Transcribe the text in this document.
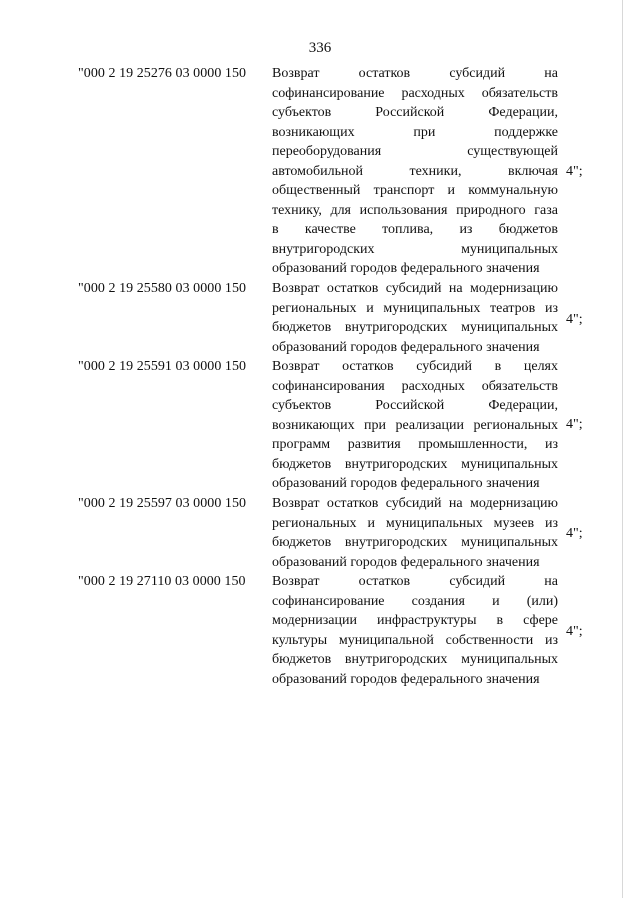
336
"000 2 19 25276 03 0000 150 Возврат остатков субсидий на
софинансирование расходных обязательств
субъектов Российской Федерации,
возникающих при поддержке
переоборудования существующей
автомобильной техники, включая
общественный транспорт и коммунальную
технику, для использования природного газа
в качестве топлива, из бюджетов
внутригородских муниципальных
образований городов федерального значения
4";
"000 2 19 25580 03 0000 150 Возврат остатков субсидий на модернизацию
региональных и муниципальных театров из
бюджетов внутригородских муниципальных
образований городов федерального значения
4";
"000 2 19 25591 03 0000 150 Возврат остатков субсидий в целях
софинансирования расходных обязательств
субъектов Российской Федерации,
возникающих при реализации региональных
программ развития промышленности, из
бюджетов внутригородских муниципальных
образований городов федерального значения
4";
"000 2 19 25597 03 0000 150 Возврат остатков субсидий на модернизацию
региональных и муниципальных музеев из
бюджетов внутригородских муниципальных
образований городов федерального значения
4";
"000 2 19 27110 03 0000 150 Возврат остатков субсидий на
софинансирование создания и (или)
модернизации инфраструктуры в сфере
культуры муниципальной собственности из
бюджетов внутригородских муниципальных
образований городов федерального значения
4";
